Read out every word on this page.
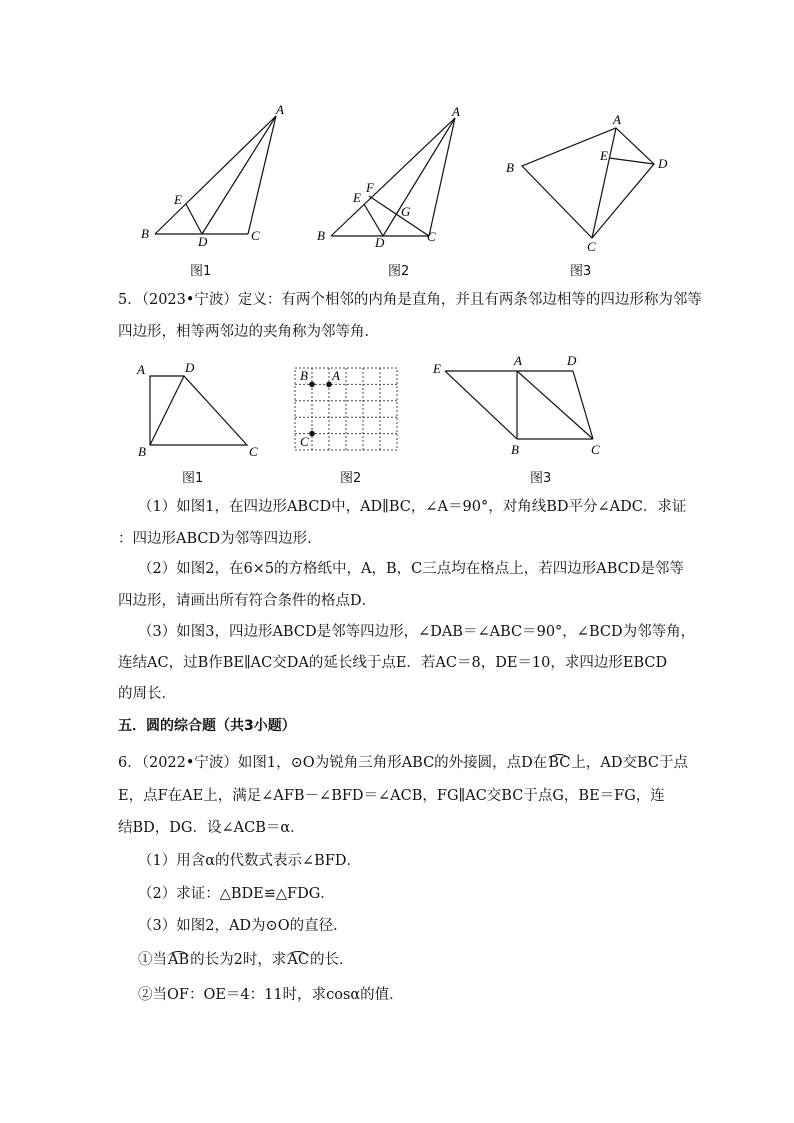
A
B	C
D
E
图1
A
B	C
D
E
F
G
图2
A
B
C
D
E
图3
5．（2023•宁波）定义：有两个相邻的内角是直角，并且有两条邻边相等的四边形称为邻等
四边形，相等两邻边的夹角称为邻等角．
A	D
B	C
图1
B A
C
图2
E
A	D
B	C
图3
（1）如图1，在四边形ABCD中，AD∥BC，∠A＝90°，对角线BD平分∠ADC．求证
：四边形ABCD为邻等四边形．
（2）如图2，在6×5的方格纸中，A，B，C三点均在格点上，若四边形ABCD是邻等
四边形，请画出所有符合条件的格点D．
（3）如图3，四边形ABCD是邻等四边形，∠DAB＝∠ABC＝90°，∠BCD为邻等角，
连结AC，过B作BE∥AC交DA的延长线于点E．若AC＝8，DE＝10，求四边形EBCD
的周长．
五．圆的综合题（共3小题）
6．（2022•宁波）如图1，⊙O为锐角三角形ABC的外接圆，点D在BC上，AD交BC于点
E，点F在AE上，满足∠AFB－∠BFD＝∠ACB，FG∥AC交BC于点G，BE＝FG，连
结BD，DG．设∠ACB＝α．
（1）用含α的代数式表示∠BFD．
（2）求证：△BDE≌△FDG．
（3）如图2，AD为⊙O的直径．
①当AB的长为2时，求AC的长．
②当OF：OE＝4：11时，求cosα的值．
